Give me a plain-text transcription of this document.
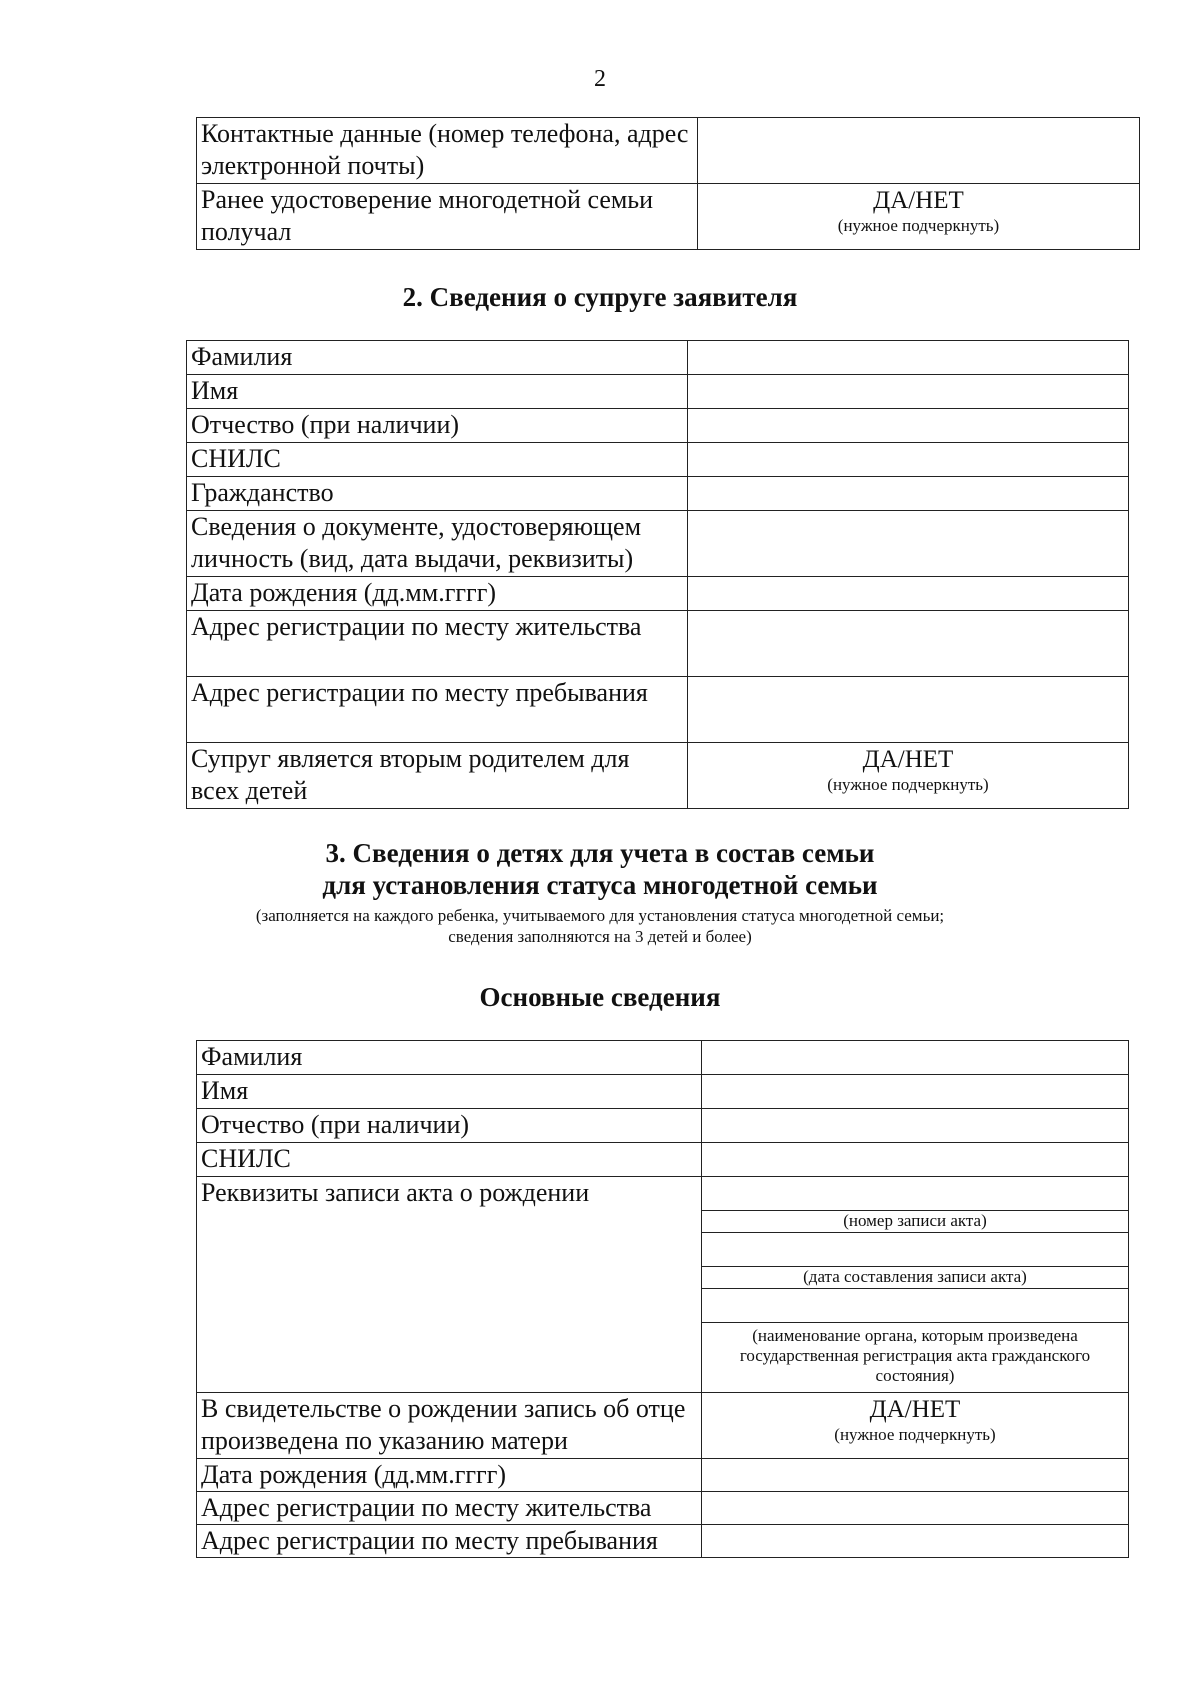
2
Контактные данные (номер телефона, адрес электронной почты)	
Ранее удостоверение многодетной семьи получал	ДА/НЕТ
(нужное подчеркнуть)
2. Сведения о супруге заявителя
Фамилия	
Имя	
Отчество (при наличии)	
СНИЛС	
Гражданство	
Сведения о документе, удостоверяющем личность (вид, дата выдачи, реквизиты)	
Дата рождения (дд.мм.гггг)	
Адрес регистрации по месту жительства	
Адрес регистрации по месту пребывания	
Супруг является вторым родителем для всех детей	ДА/НЕТ
(нужное подчеркнуть)
3. Сведения о детях для учета в состав семьи
для установления статуса многодетной семьи
(заполняется на каждого ребенка, учитываемого для установления статуса многодетной семьи;
сведения заполняются на 3 детей и более)
Основные сведения
Фамилия	
Имя	
Отчество (при наличии)	
СНИЛС	
Реквизиты записи акта о рождении	(номер записи акта)
(дата составления записи акта)
(наименование органа, которым произведена государственная регистрация акта гражданского состояния)

В свидетельстве о рождении запись об отце произведена по указанию матери	ДА/НЕТ
(нужное подчеркнуть)

Дата рождения (дд.мм.гггг)	
Адрес регистрации по месту жительства	
Адрес регистрации по месту пребывания	
